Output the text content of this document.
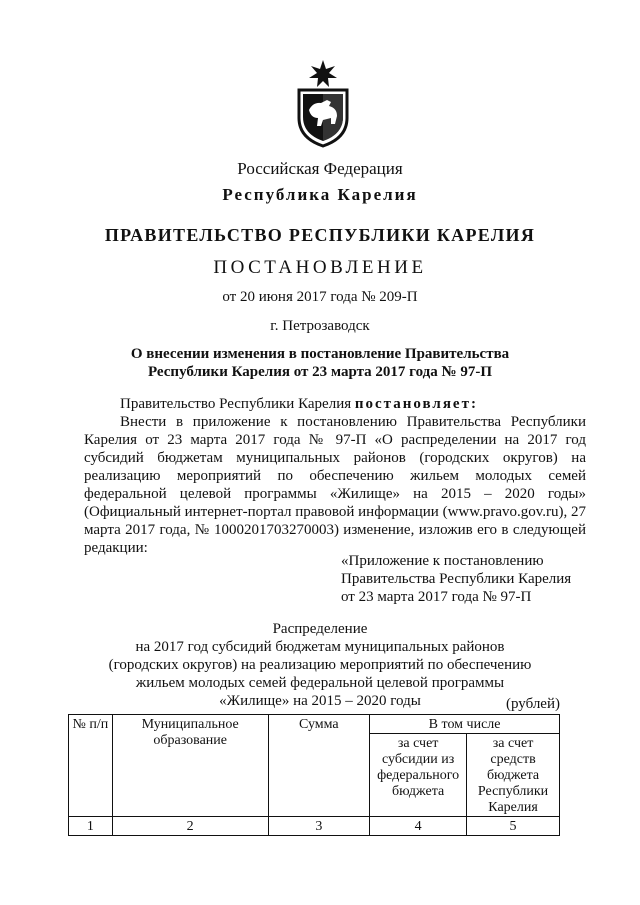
Российская Федерация
Республика Карелия
ПРАВИТЕЛЬСТВО РЕСПУБЛИКИ КАРЕЛИЯ
ПОСТАНОВЛЕНИЕ
от 20 июня 2017 года № 209-П
г. Петрозаводск
О внесении изменения в постановление Правительства
Республики Карелия от 23 марта 2017 года № 97-П
Правительство Республики Карелия постановляет:
Внести в приложение к постановлению Правительства Республики Карелия от 23 марта 2017 года № 97-П «О распределении на 2017 год субсидий бюджетам муниципальных районов (городских округов) на реализацию мероприятий по обеспечению жильем молодых семей федеральной целевой программы «Жилище» на 2015 – 2020 годы» (Официальный интернет-портал правовой информации (www.pravo.gov.ru), 27 марта 2017 года, № 1000201703270003) изменение, изложив его в следующей редакции:
«Приложение к постановлению
Правительства Республики Карелия
от 23 марта 2017 года № 97-П
Распределение
на 2017 год субсидий бюджетам муниципальных районов
(городских округов) на реализацию мероприятий по обеспечению
жильем молодых семей федеральной целевой программы
«Жилище» на 2015 – 2020 годы	(рублей)
№ п/п	Муниципальное образование	Сумма	В том числе	
			за счет субсидии из федерального бюджета	за счет средств бюджета Республики Карелия
1	2	3	4	5
